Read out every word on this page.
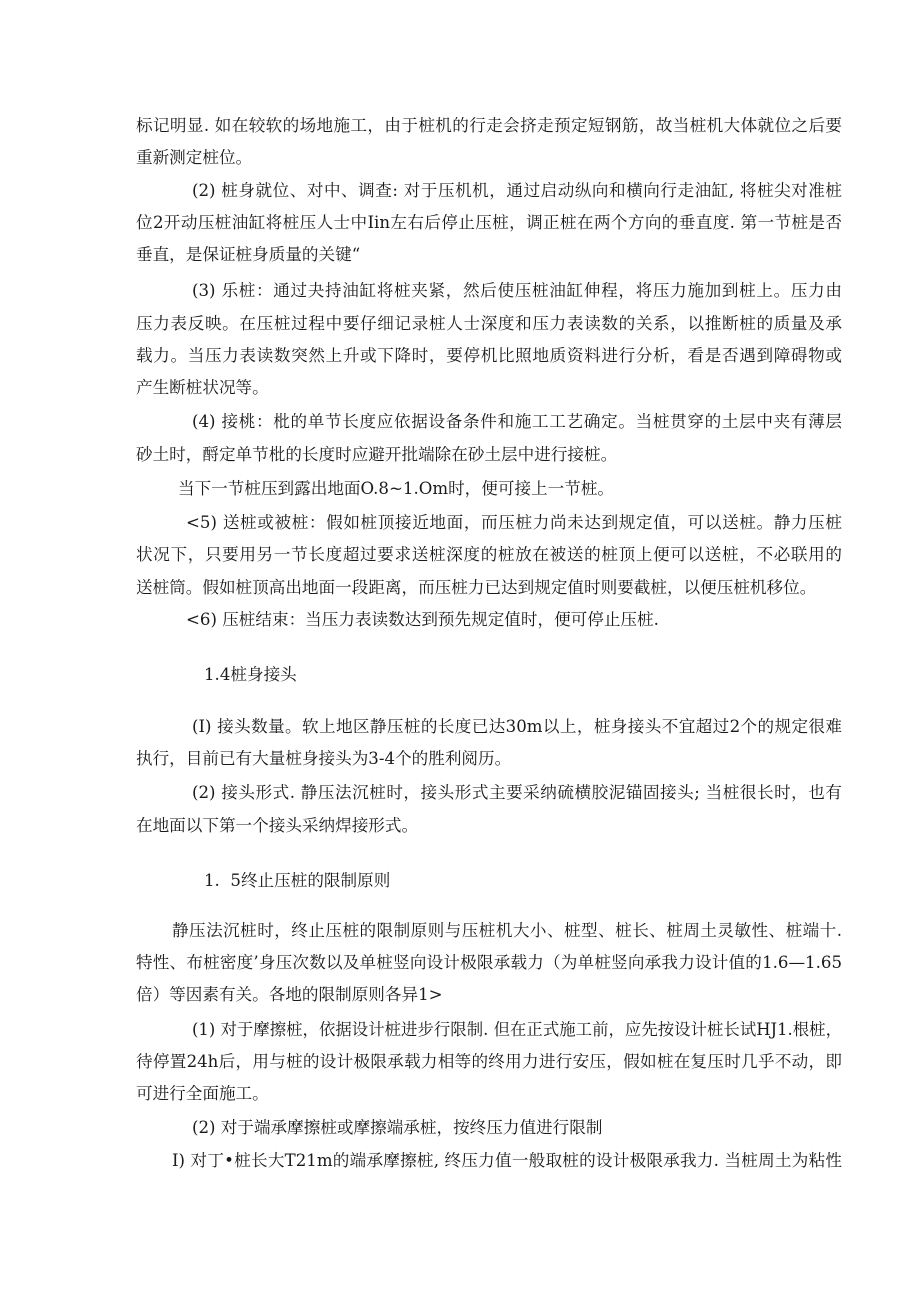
标记明显. 如在较软的场地施工，由于桩机的行走会挤走预定短钢筋，故当桩机大体就位之后要

重新测定桩位。

(2) 桩身就位、对中、调查: 对于压机机，通过启动纵向和横向行走油缸, 将桩尖对准桩

位2开动压桩油缸将桩压人士中Iin左右后停止压桩，调正桩在两个方向的垂直度. 第一节桩是否

垂直，是保证桩身质量的关键“

(3) 乐桩：通过夬持油缸将桩夹紧，然后使压桩油缸伸程，将压力施加到桩上。压力由

压力表反映。在压桩过程中要仔细记录桩人士深度和压力表读数的关系，以推断桩的质量及承

载力。当压力表读数突然上升或下降时，要停机比照地质资料进行分析，看是否遇到障碍物或

产生断桩状况等。

(4) 接桃：枇的单节长度应依据设备条件和施工工艺确定。当桩贯穿的土层中夹有薄层

砂土时，酹定单节枇的长度时应避开批端除在砂土层中进行接桩。

当下一节桩压到露出地面O.8~1.Om时，便可接上一节桩。

<5) 送桩或被桩：假如桩顶接近地面，而压桩力尚未达到规定值，可以送桩。静力压桩

状况下，只要用另一节长度超过要求送桩深度的桩放在被送的桩顶上便可以送桩，不必联用的

送桩筒。假如桩顶高出地面一段距离，而压桩力已达到规定值时则要截桩，以便压桩机移位。

<6) 压桩结束：当压力表读数达到预先规定值时，便可停止压桩.

1.4桩身接头

(I) 接头数量。软上地区静压桩的长度已达30m以上，桩身接头不宜超过2个的规定很难

执行，目前已有大量桩身接头为3-4个的胜利阅历。

(2) 接头形式. 静压法沉桩时，接头形式主要采纳硫横胶泥锚固接头; 当桩很长时，也有

在地面以下第一个接头采纳焊接形式。

1.  5终止压桩的限制原则

静压法沉桩时，终止压桩的限制原则与压桩机大小、桩型、桩长、桩周土灵敏性、桩端十.

特性、布桩密度’身压次数以及单桩竖向设计极限承载力（为单桩竖向承我力设计值的1.6—1.65

倍）等因素有关。各地的限制原则各异1>

(1) 对于摩擦桩，依据设计桩进步行限制. 但在正式施工前，应先按设计桩长试HJ1.根桩，

待停置24h后，用与桩的设计极限承载力相等的终用力进行安压，假如桩在复压时几乎不动，即

可进行全面施工。

(2) 对于端承摩擦桩或摩擦端承桩，按终压力值进行限制

I) 对丁•桩长大T21m的端承摩擦桩, 终压力值一般取桩的设计极限承我力. 当桩周土为粘性
